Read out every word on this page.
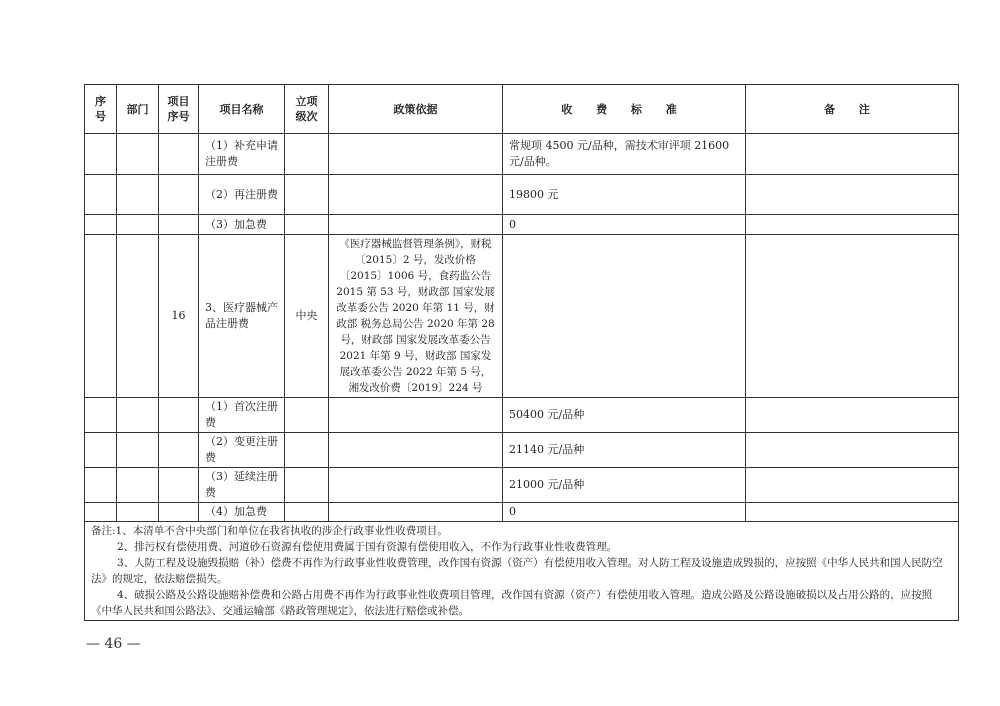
序号	部门	项目序号	项目名称	立项级次	政策依据	收 费 标 准	备 注
			（1）补充申请注册费			常规项 4500 元/品种，需技术审评项 21600 元/品种。	
			（2）再注册费			19800 元	
			（3）加急费			0	
		16	3、医疗器械产品注册费	中央	《医疗器械监督管理条例》，财税〔2015〕2 号，发改价格〔2015〕1006 号，食药监公告 2015 第 53 号，财政部 国家发展改革委公告 2020 年第 11 号，财政部 税务总局公告 2020 年第 28 号，财政部 国家发展改革委公告 2021 年第 9 号，财政部 国家发展改革委公告 2022 年第 5 号，湘发改价费〔2019〕224 号		
			（1）首次注册费			50400 元/品种	
			（2）变更注册费			21140 元/品种	
			（3）延续注册费			21000 元/品种	
			（4）加急费			0	

备注:1、本清单不含中央部门和单位在我省执收的涉企行政事业性收费项目。

2、排污权有偿使用费、河道砂石资源有偿使用费属于国有资源有偿使用收入，不作为行政事业性收费管理。

3、人防工程及设施毁损赔（补）偿费不再作为行政事业性收费管理，改作国有资源（资产）有偿使用收入管理。对人防工程及设施造成毁损的，应按照《中华人民共和国人民防空法》的规定，依法赔偿损失。

4、破损公路及公路设施赔补偿费和公路占用费不再作为行政事业性收费项目管理，改作国有资源（资产）有偿使用收入管理。造成公路及公路设施破损以及占用公路的，应按照《中华人民共和国公路法》、交通运输部《路政管理规定》，依法进行赔偿或补偿。							

— 46 —
